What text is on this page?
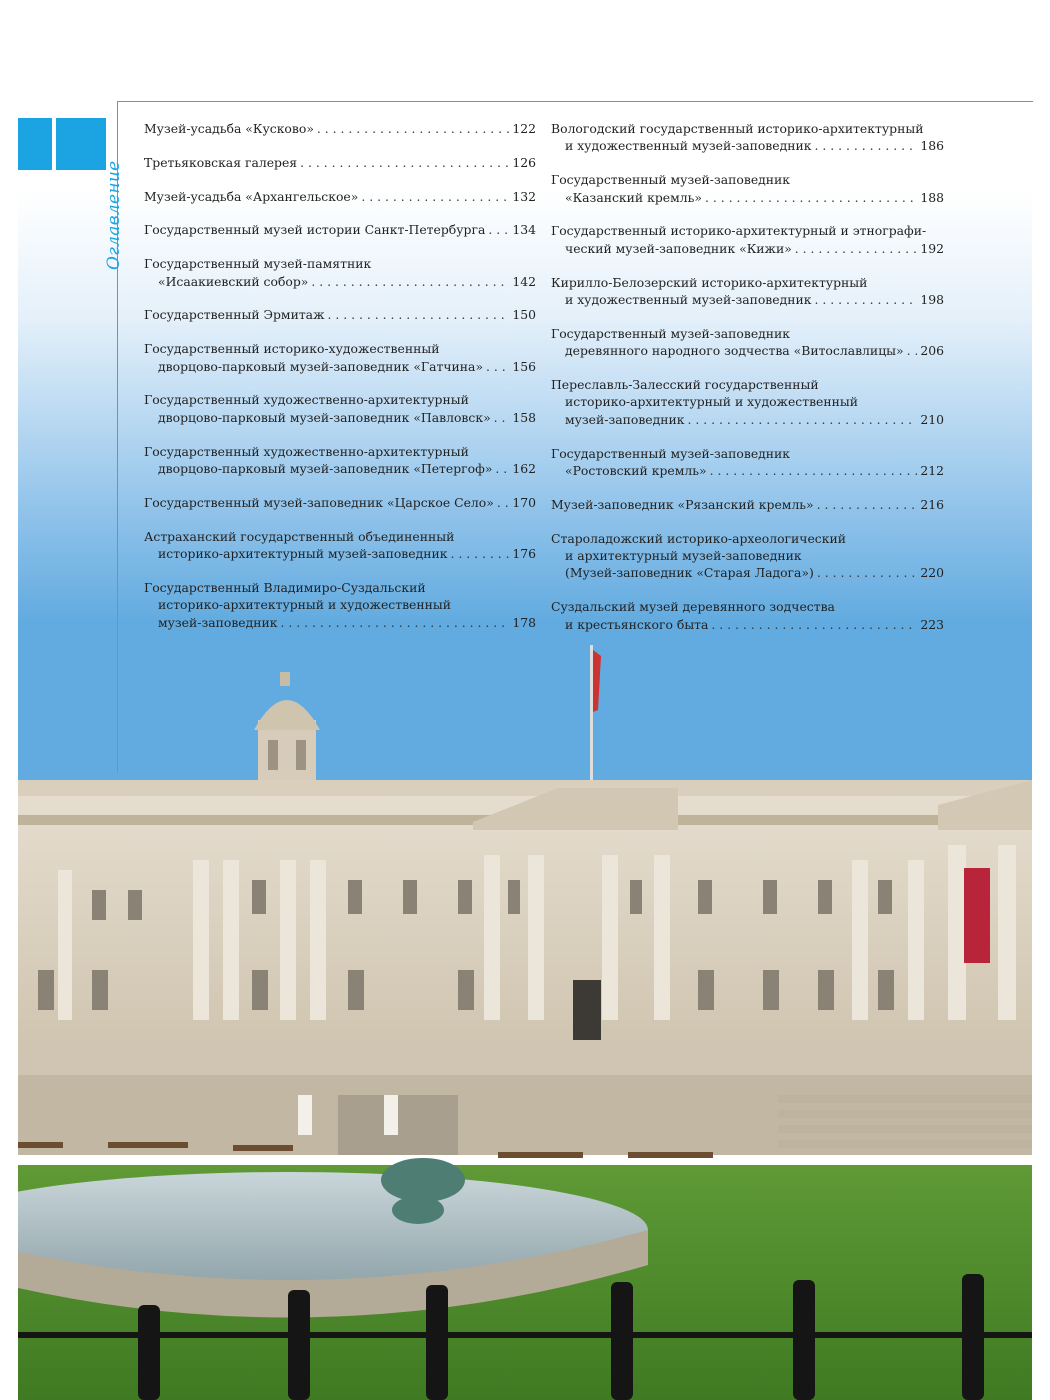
4
Оглавление
Музей-усадьба «Кусково» . . .	122
Третьяковская галерея . . .	126
Музей-усадьба «Архангельское» . . .	132
Государственный музей истории Санкт-Петербурга . . . 134
Государственный музей-памятник
«Исаакиевский собор» . . .	142
Государственный Эрмитаж . . .	150
Государственный историко-художественный
дворцово-парковый музей-заповедник «Гатчина» . . . 156
Государственный художественно-архитектурный
дворцово-парковый музей-заповедник «Павловск» . . . 158
Государственный художественно-архитектурный
дворцово-парковый музей-заповедник «Петергоф» . . . 162
Государственный музей-заповедник «Царское Село» . . . 170
Астраханский государственный объединенный
историко-архитектурный музей-заповедник . . .	176
Государственный Владимиро-Суздальский
историко-архитектурный и художественный
музей-заповедник . . .	178
Вологодский государственный историко-архитектурный
и художественный музей-заповедник . . .	186
Государственный музей-заповедник
«Казанский кремль» . . .	188
Государственный историко-архитектурный и этнографи-
ческий музей-заповедник «Кижи» . . .	192
Кирилло-Белозерский историко-архитектурный
и художественный музей-заповедник . . .	198
Государственный музей-заповедник
деревянного народного зодчества «Витославлицы» . . . 206
Переславль-Залесский государственный
историко-архитектурный и художественный
музей-заповедник . . .	210
Государственный музей-заповедник
«Ростовский кремль» . . .	212
Музей-заповедник «Рязанский кремль» . . .	216
Староладожский историко-археологический
и архитектурный музей-заповедник
(Музей-заповедник «Старая Ладога») . . .	220
Суздальский музей деревянного зодчества
и крестьянского быта . . .	223
